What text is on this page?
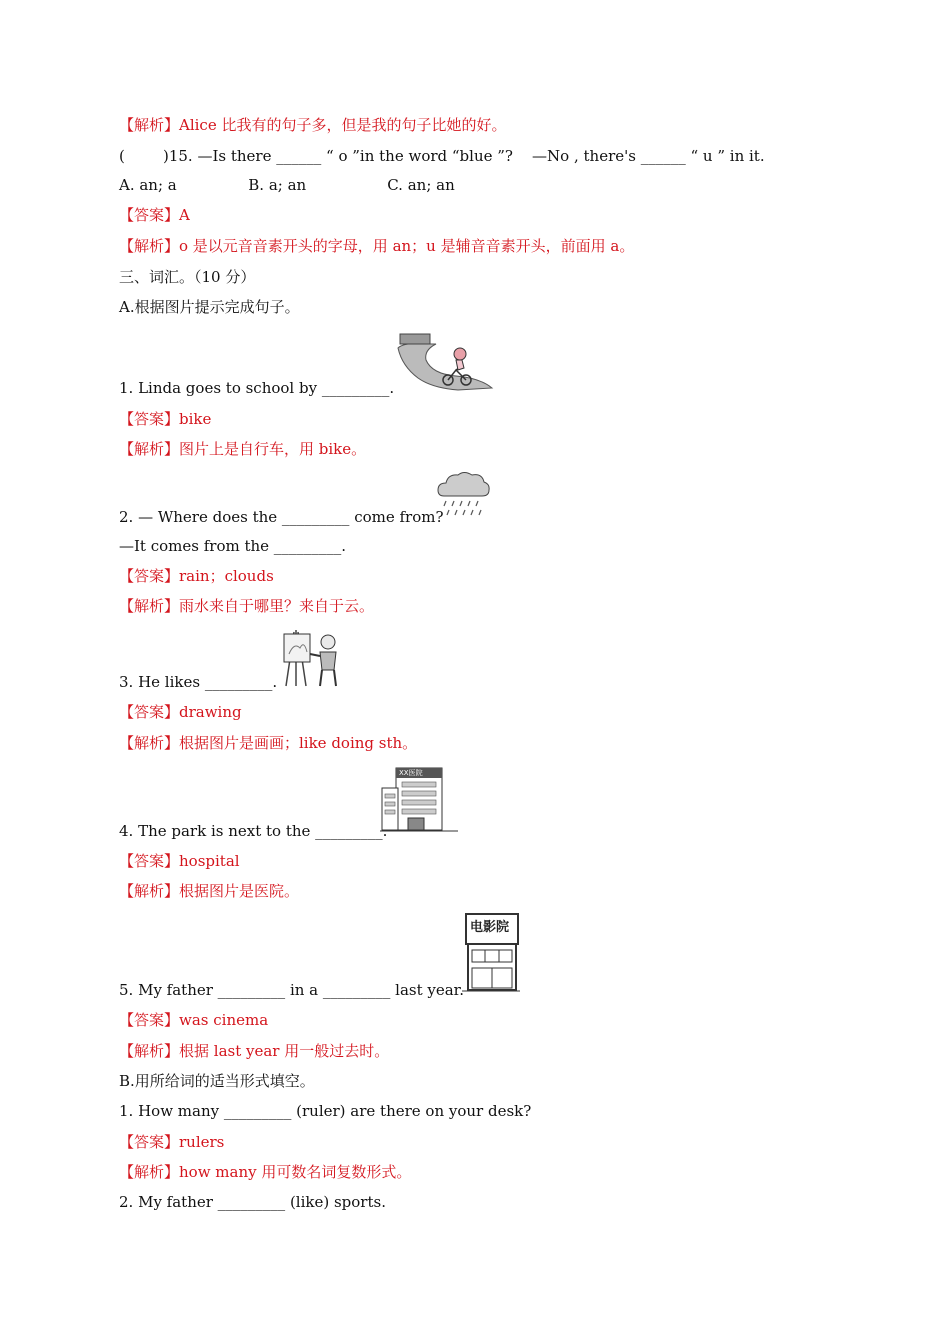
【解析】Alice 比我有的句子多，但是我的句子比她的好。
(        )15. —Is there ______ “ o ”in the word “blue ”?    —No , there's ______ “ u ” in it.
A. an; a               B. a; an                 C. an; an
【答案】A
【解析】o 是以元音音素开头的字母，用 an；u 是辅音音素开头，前面用 a。
三、词汇。（10 分）
A.根据图片提示完成句子。
1. Linda goes to school by _________.
【答案】bike
【解析】图片上是自行车，用 bike。
2. — Where does the _________ come from?
—It comes from the _________.
【答案】rain；clouds
【解析】雨水来自于哪里？来自于云。
3. He likes _________.
【答案】drawing
【解析】根据图片是画画；like doing sth。
XX医院
4. The park is next to the _________.
【答案】hospital
【解析】根据图片是医院。
电影院
5. My father _________ in a _________ last year.
【答案】was cinema
【解析】根据 last year 用一般过去时。
B.用所给词的适当形式填空。
1. How many _________ (ruler) are there on your desk?
【答案】rulers
【解析】how many 用可数名词复数形式。
2. My father _________ (like) sports.
